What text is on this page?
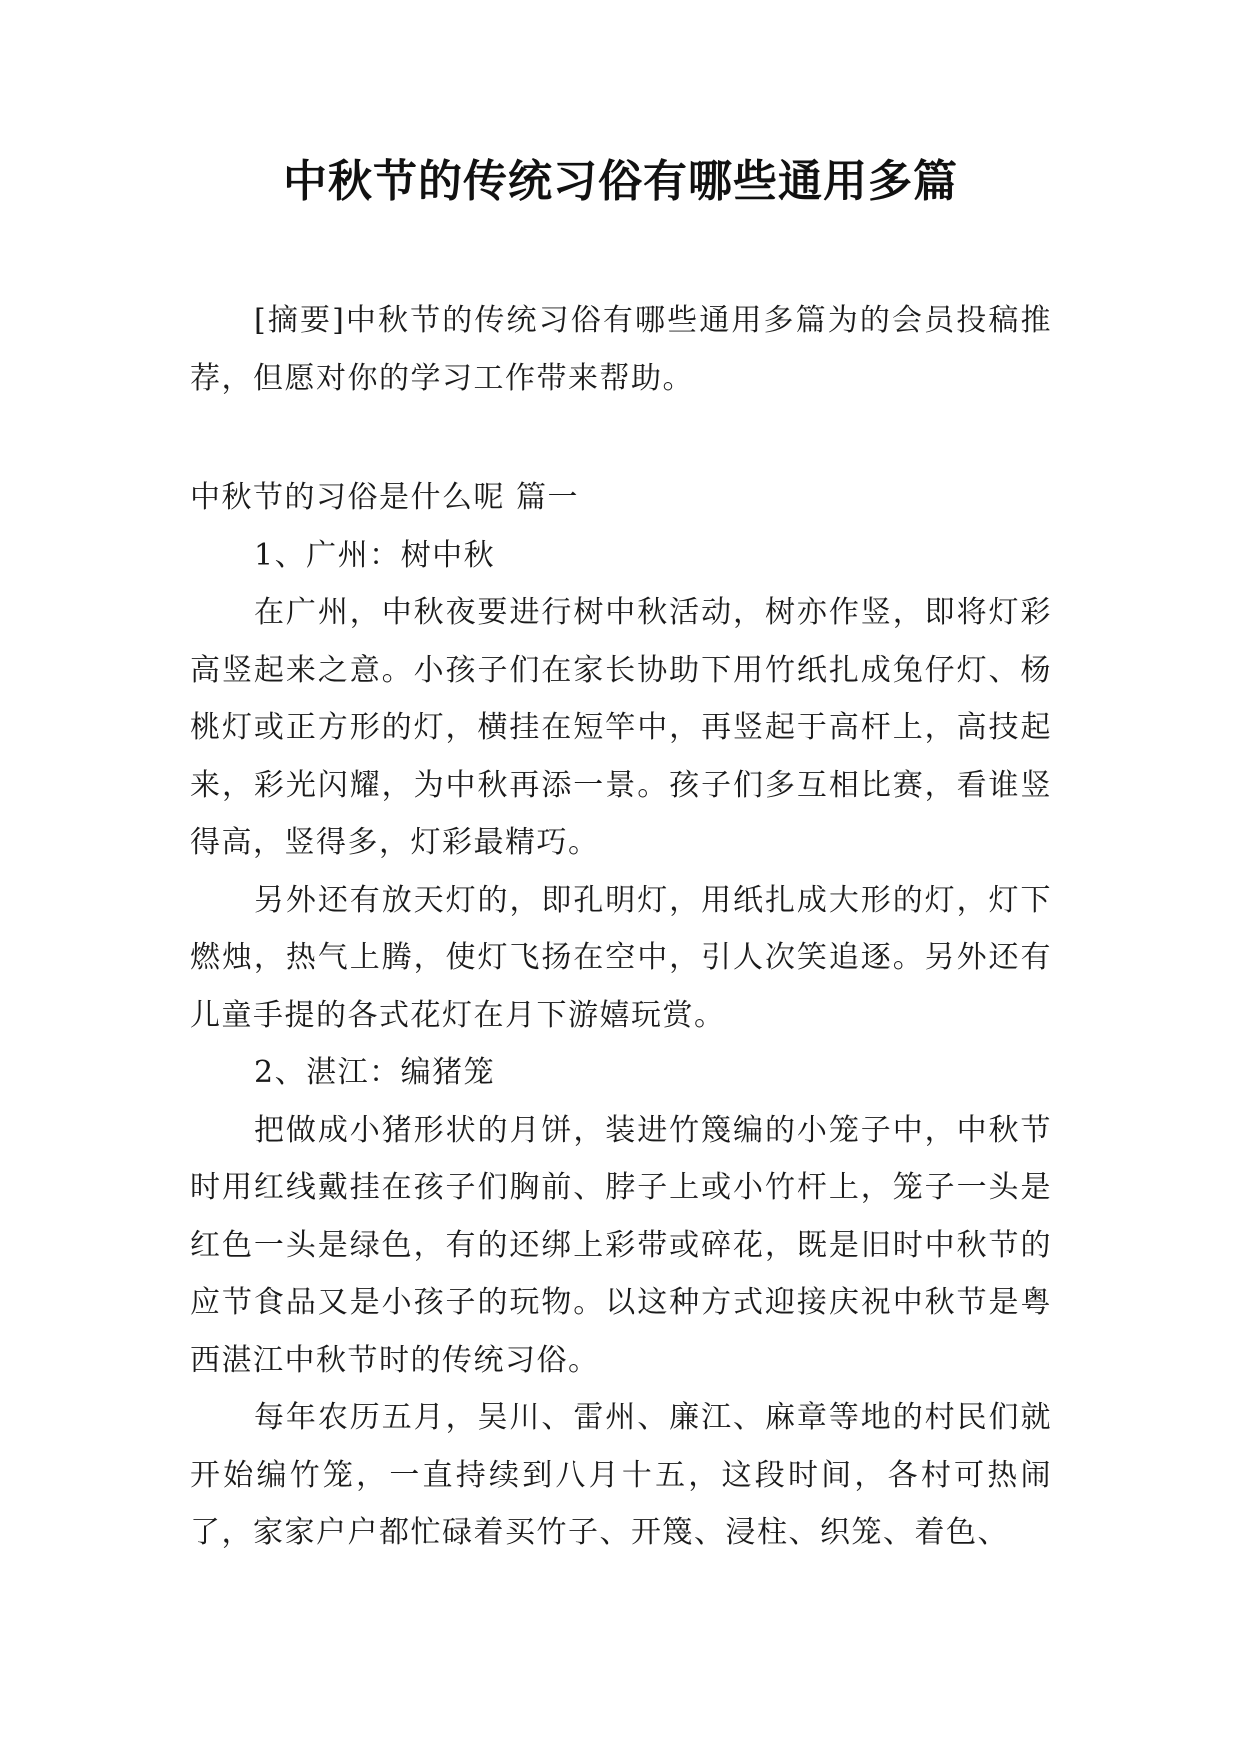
中秋节的传统习俗有哪些通用多篇

[摘要]中秋节的传统习俗有哪些通用多篇为的会员投稿推荐，但愿对你的学习工作带来帮助。

中秋节的习俗是什么呢 篇一

1、广州：树中秋

在广州，中秋夜要进行树中秋活动，树亦作竖，即将灯彩高竖起来之意。小孩子们在家长协助下用竹纸扎成兔仔灯、杨桃灯或正方形的灯，横挂在短竿中，再竖起于高杆上，高技起来，彩光闪耀，为中秋再添一景。孩子们多互相比赛，看谁竖得高，竖得多，灯彩最精巧。

另外还有放天灯的，即孔明灯，用纸扎成大形的灯，灯下燃烛，热气上腾，使灯飞扬在空中，引人次笑追逐。另外还有儿童手提的各式花灯在月下游嬉玩赏。

2、湛江：编猪笼

把做成小猪形状的月饼，装进竹篾编的小笼子中，中秋节时用红线戴挂在孩子们胸前、脖子上或小竹杆上，笼子一头是红色一头是绿色，有的还绑上彩带或碎花，既是旧时中秋节的应节食品又是小孩子的玩物。以这种方式迎接庆祝中秋节是粤西湛江中秋节时的传统习俗。

每年农历五月，吴川、雷州、廉江、麻章等地的村民们就开始编竹笼，一直持续到八月十五，这段时间，各村可热闹了，家家户户都忙碌着买竹子、开篾、浸柱、织笼、着色、
